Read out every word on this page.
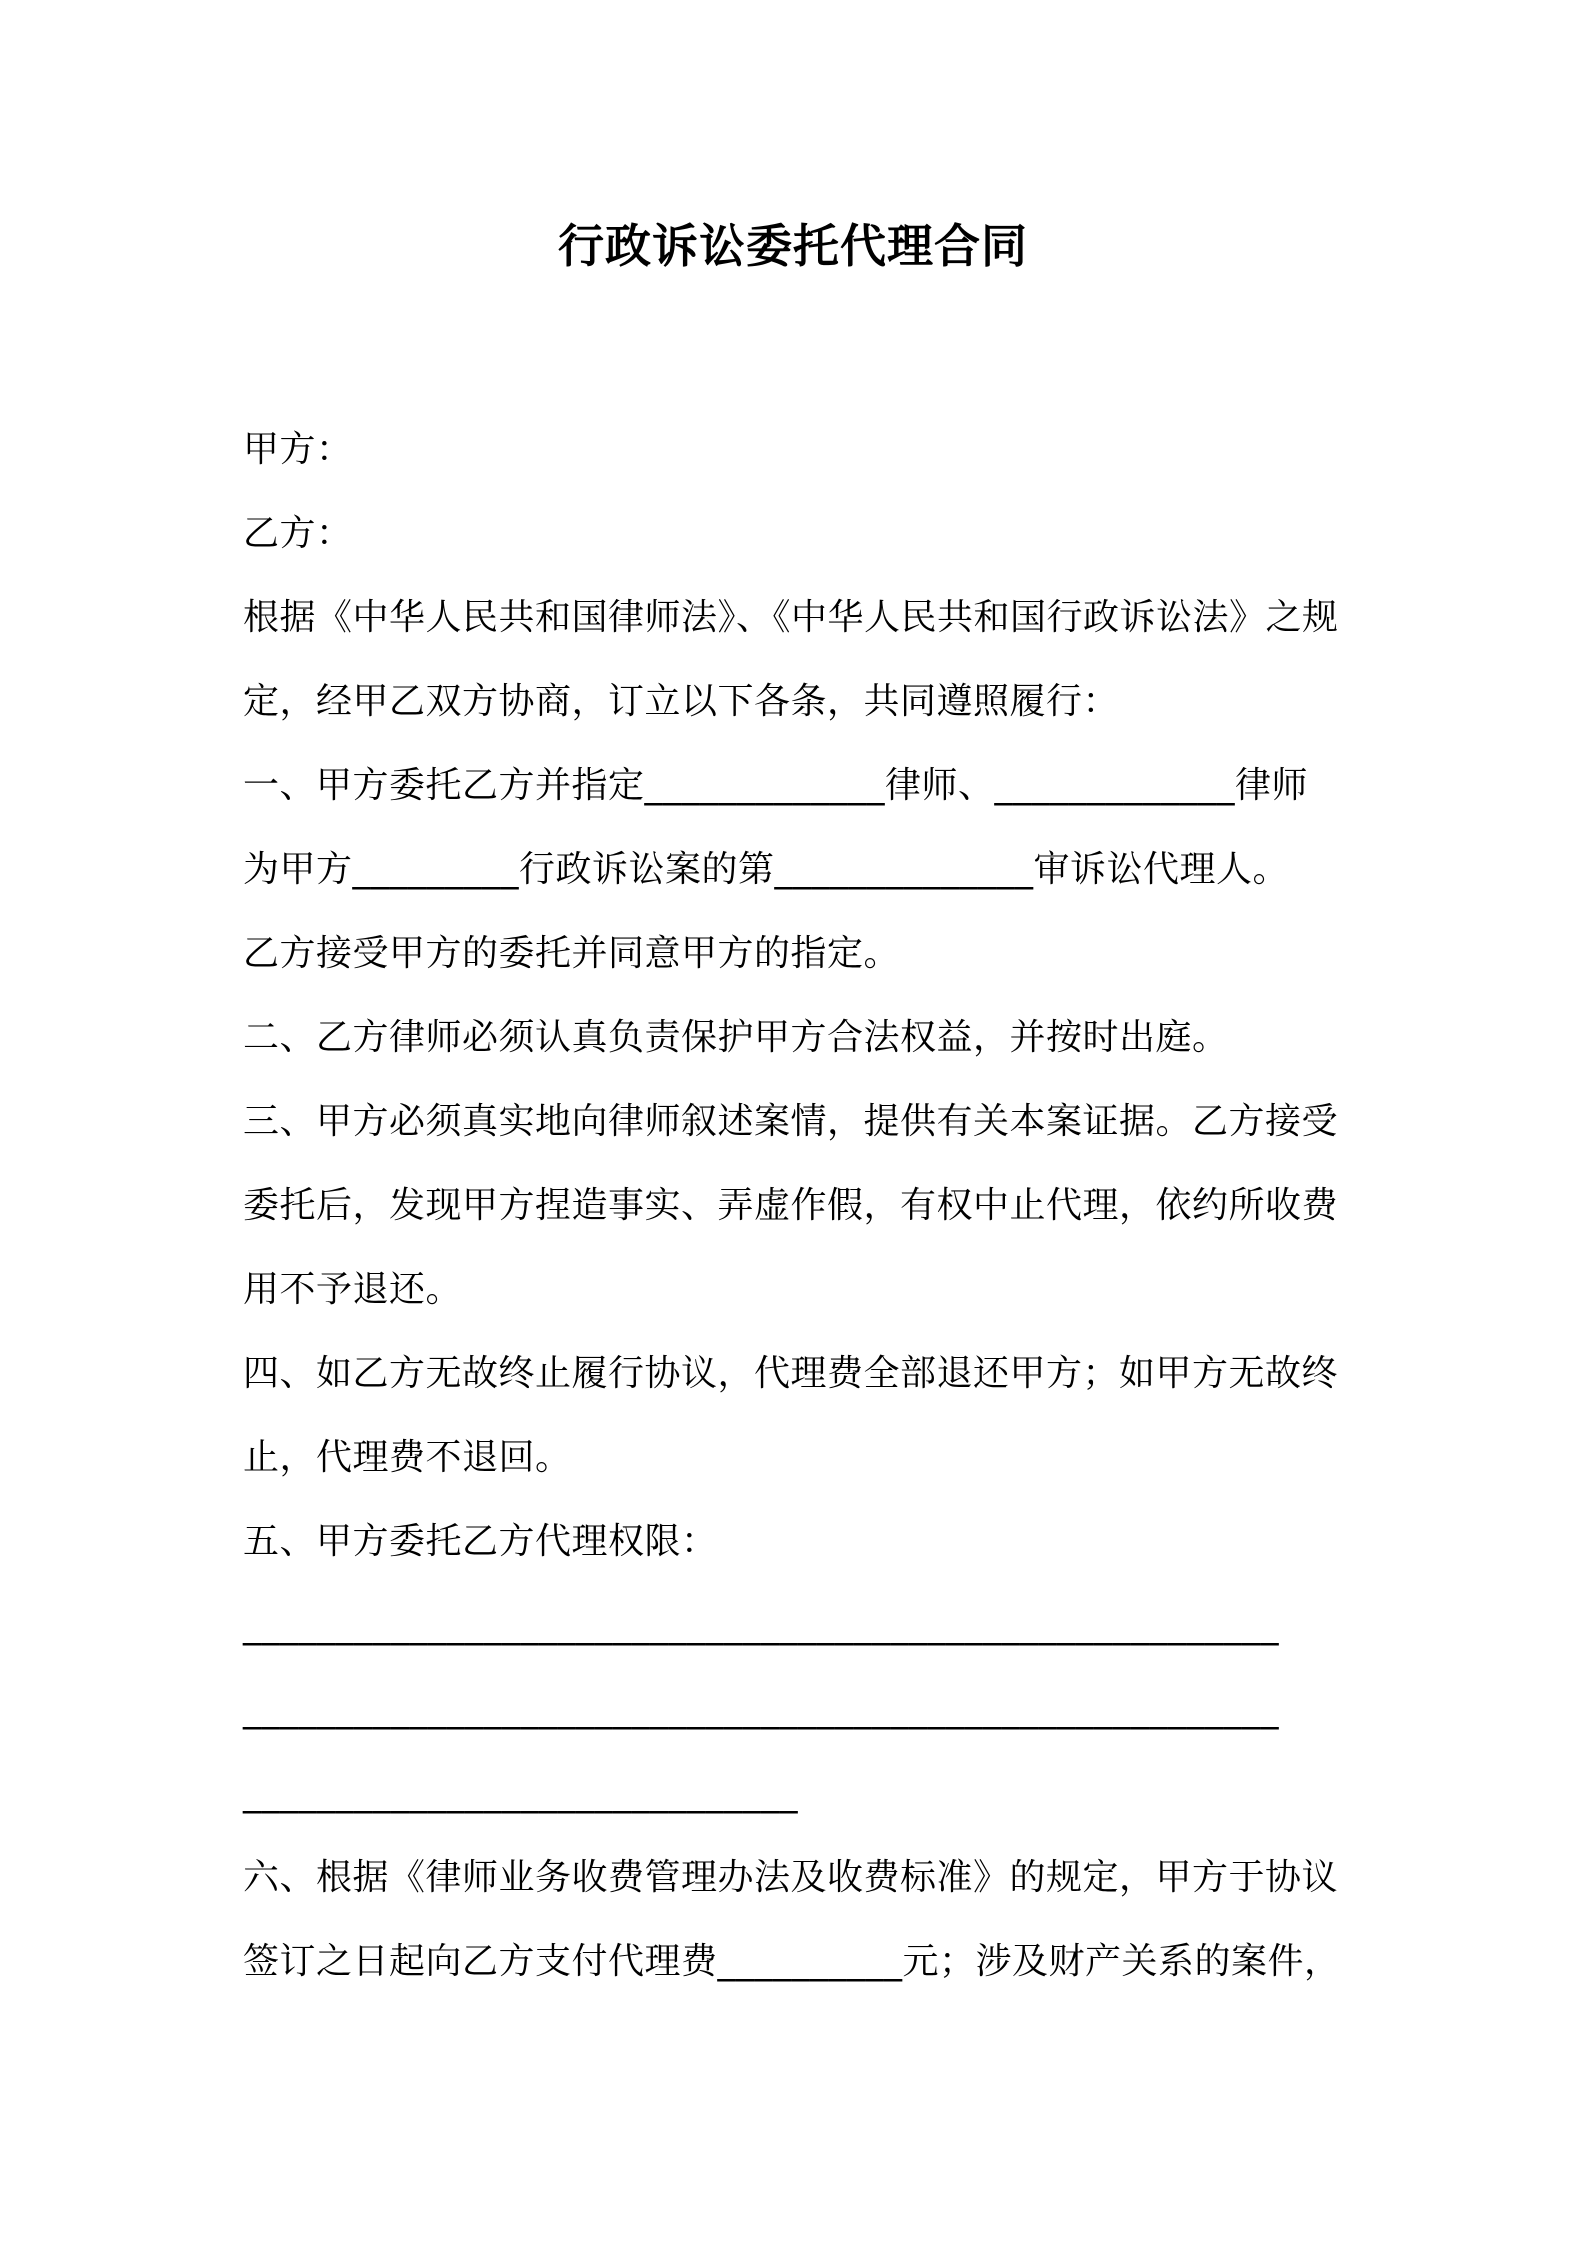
行政诉讼委托代理合同
甲方：
乙方：
根据《中华人民共和国律师法》、《中华人民共和国行政诉讼法》之规
定，经甲乙双方协商，订立以下各条，共同遵照履行：
一、甲方委托乙方并指定_____________律师、_____________律师
为甲方_________行政诉讼案的第______________审诉讼代理人。
乙方接受甲方的委托并同意甲方的指定。
二、乙方律师必须认真负责保护甲方合法权益，并按时出庭。
三、甲方必须真实地向律师叙述案情，提供有关本案证据。乙方接受
委托后，发现甲方捏造事实、弄虚作假，有权中止代理，依约所收费
用不予退还。
四、如乙方无故终止履行协议，代理费全部退还甲方；如甲方无故终
止，代理费不退回。
五、甲方委托乙方代理权限：
________________________________________________________
________________________________________________________
______________________________
六、根据《律师业务收费管理办法及收费标准》的规定，甲方于协议
签订之日起向乙方支付代理费__________元；涉及财产关系的案件，
